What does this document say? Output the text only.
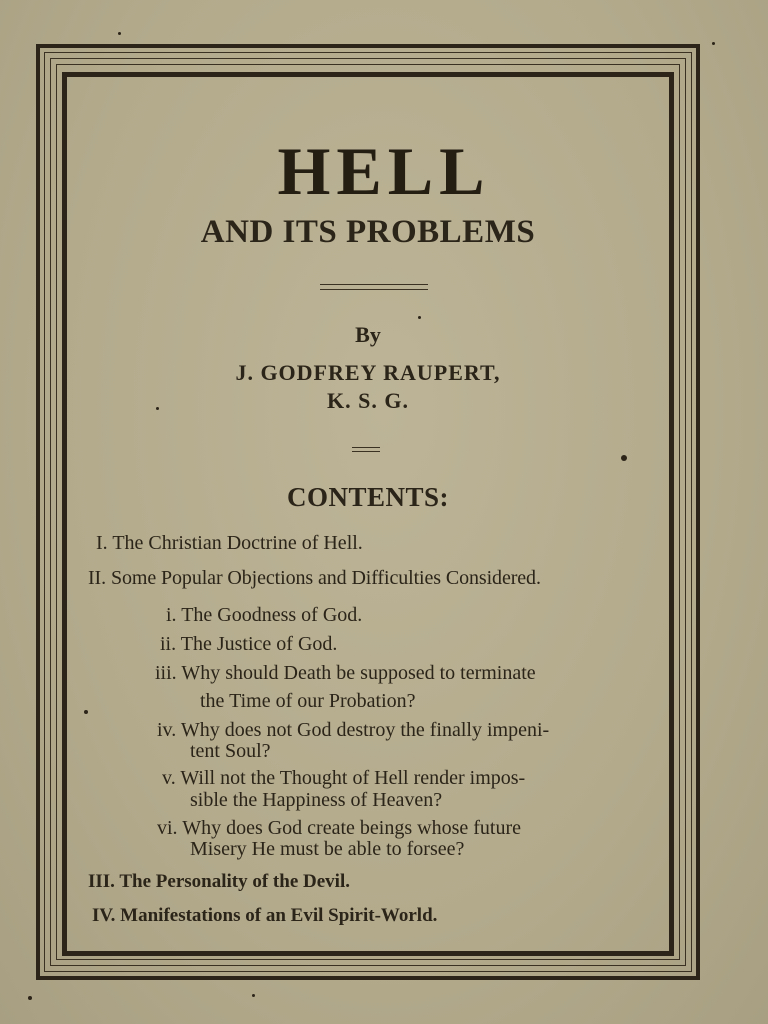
HELL
AND ITS PROBLEMS
By
J. GODFREY RAUPERT,
K. S. G.
CONTENTS:
I. The Christian Doctrine of Hell.
II. Some Popular Objections and Difficulties Considered.
i. The Goodness of God.
ii. The Justice of God.
iii. Why should Death be supposed to terminate
the Time of our Probation?
iv. Why does not God destroy the finally impeni-
tent Soul?
v. Will not the Thought of Hell render impos-
sible the Happiness of Heaven?
vi. Why does God create beings whose future
Misery He must be able to forsee?
III. The Personality of the Devil.
IV. Manifestations of an Evil Spirit-World.
